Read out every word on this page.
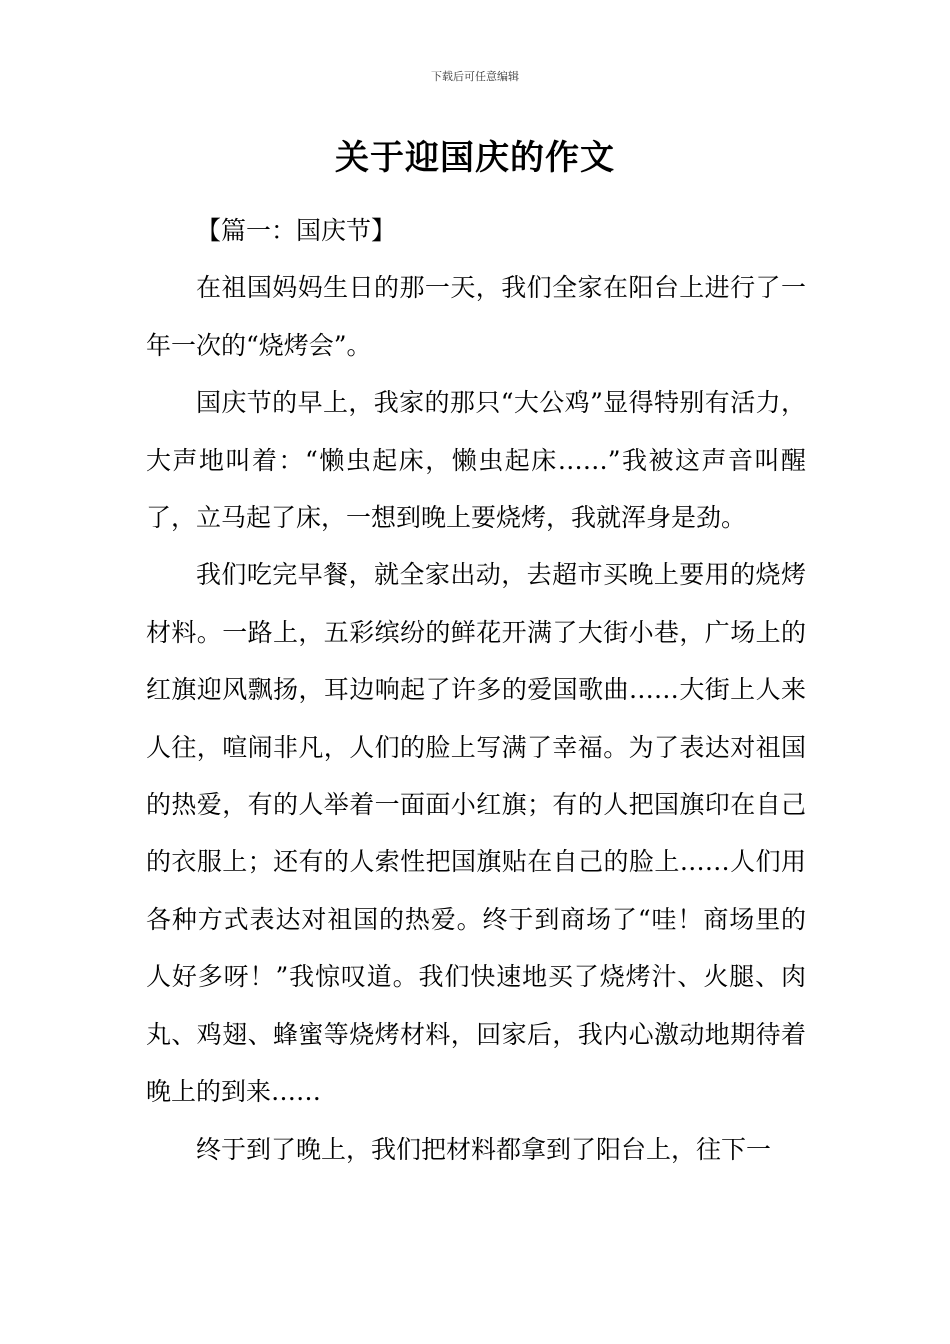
下载后可任意编辑
关于迎国庆的作文

【篇一：国庆节】

在祖国妈妈生日的那一天，我们全家在阳台上进行了一年一次的“烧烤会”。

国庆节的早上，我家的那只“大公鸡”显得特别有活力，大声地叫着：“懒虫起床，懒虫起床……”我被这声音叫醒了，立马起了床，一想到晚上要烧烤，我就浑身是劲。

我们吃完早餐，就全家出动，去超市买晚上要用的烧烤材料。一路上，五彩缤纷的鲜花开满了大街小巷，广场上的红旗迎风飘扬，耳边响起了许多的爱国歌曲……大街上人来人往，喧闹非凡，人们的脸上写满了幸福。为了表达对祖国的热爱，有的人举着一面面小红旗；有的人把国旗印在自己的衣服上；还有的人索性把国旗贴在自己的脸上……人们用各种方式表达对祖国的热爱。终于到商场了“哇！商场里的人好多呀！”我惊叹道。我们快速地买了烧烤汁、火腿、肉丸、鸡翅、蜂蜜等烧烤材料，回家后，我内心激动地期待着晚上的到来……

终于到了晚上，我们把材料都拿到了阳台上，往下一
